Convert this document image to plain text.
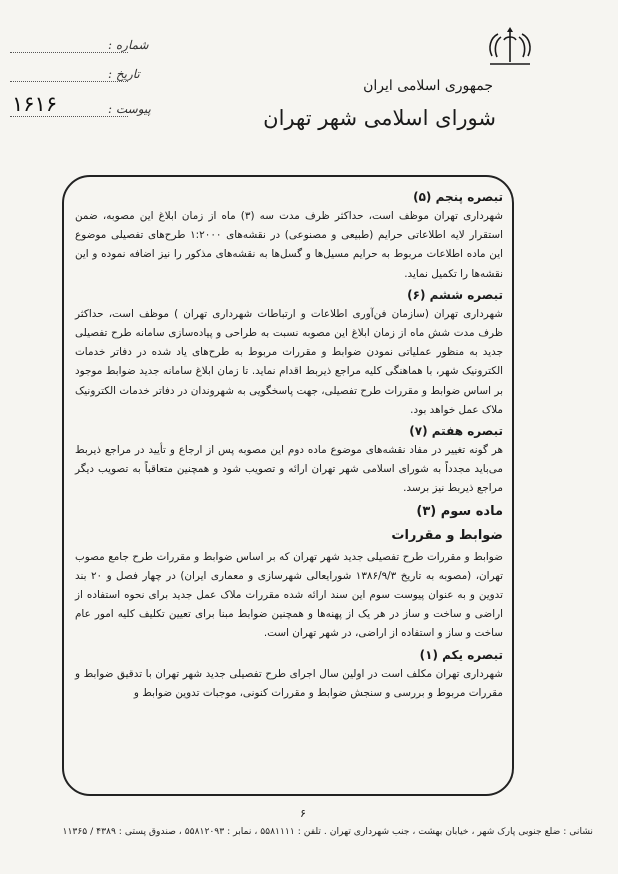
جمهوری اسلامی ایران
شورای اسلامی شهر تهران
شماره :
تاریخ :
پیوست :
۱۶۱۶
تبصره پنجم (۵)

شهرداری تهران موظف است، حداکثر ظرف مدت سه (۳) ماه از زمان ابلاغ این مصوبه، ضمن استقرار لایه اطلاعاتی حرایم (طبیعی و مصنوعی) در نقشه‌های ۱:۲۰۰۰ طرح‌های تفصیلی موضوع این ماده اطلاعات مربوط به حرایم مسیل‌ها و گسل‌ها به نقشه‌های مذکور را نیز اضافه نموده و این نقشه‌ها را تکمیل نماید.

تبصره ششم (۶)

شهرداری تهران (سازمان فن‌آوری اطلاعات و ارتباطات شهرداری تهران ) موظف است، حداکثر ظرف مدت شش ماه از زمان ابلاغ این مصوبه نسبت به طراحی و پیاده‌سازی سامانه طرح تفصیلی جدید به منظور عملیاتی نمودن ضوابط و مقررات مربوط به طرح‌های یاد شده در دفاتر خدمات الکترونیک شهر، با هماهنگی کلیه مراجع ذیربط اقدام نماید. تا زمان ابلاغ سامانه جدید ضوابط موجود بر اساس ضوابط و مقررات طرح تفصیلی، جهت پاسخگویی به شهروندان در دفاتر خدمات الکترونیک ملاک عمل خواهد بود.

تبصره هفتم (۷)

هر گونه تغییر در مفاد نقشه‌های موضوع ماده دوم این مصوبه پس از ارجاع و تأیید در مراجع ذیربط می‌باید مجدداً به شورای اسلامی شهر تهران ارائه و تصویب شود و همچنین متعاقباً به تصویب دیگر مراجع ذیربط نیز برسد.

ماده سوم (۳)
ضوابط و مقررات

ضوابط و مقررات طرح تفصیلی جدید شهر تهران که بر اساس ضوابط و مقررات طرح جامع مصوب تهران، (مصوبه به تاریخ ۱۳۸۶/۹/۳ شورایعالی شهرسازی و معماری ایران) در چهار فصل و ۲۰ بند تدوین و به عنوان پیوست سوم این سند ارائه شده مقررات ملاک عمل جدید برای نحوه استفاده از اراضی و ساخت و ساز در هر یک از پهنه‌ها و همچنین ضوابط مبنا برای تعیین تکلیف کلیه امور عام ساخت و ساز و استفاده از اراضی، در شهر تهران است.

تبصره یکم (۱)

شهرداری تهران مکلف است در اولین سال اجرای طرح تفصیلی جدید شهر تهران با تدقیق ضوابط و مقررات مربوط و بررسی و سنجش ضوابط و مقررات کنونی، موجبات تدوین ضوابط و

۶
نشانی : ضلع جنوبی پارک شهر ، خیابان بهشت ، جنب شهرداری تهران . تلفن : ۵۵۸۱۱۱۱ ، نمابر : ۵۵۸۱۲۰۹۳ ، صندوق پستی : ۴۳۸۹ / ۱۱۳۶۵
